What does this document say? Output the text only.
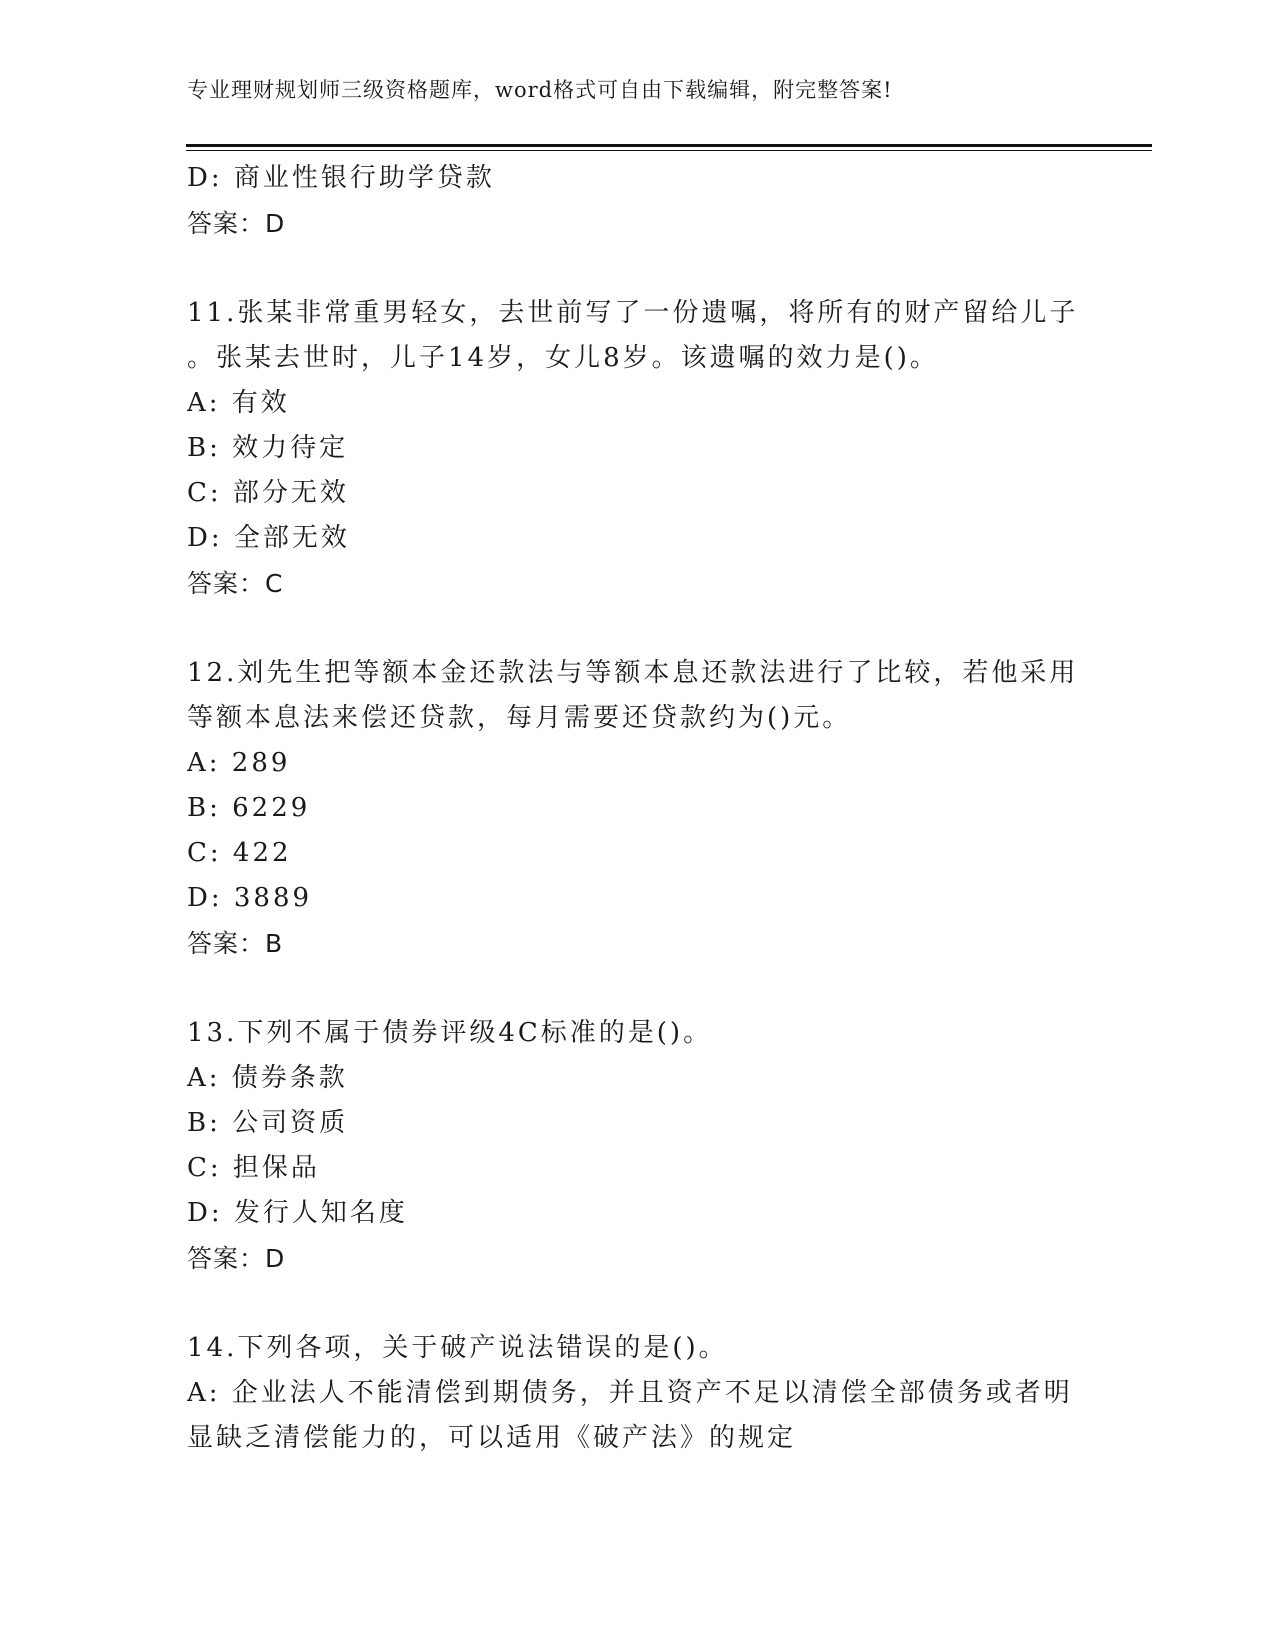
专业理财规划师三级资格题库，word格式可自由下载编辑，附完整答案!
D: 商业性银行助学贷款
答案：D
11.张某非常重男轻女，去世前写了一份遗嘱，将所有的财产留给儿子
。张某去世时，儿子14岁，女儿8岁。该遗嘱的效力是()。
A: 有效
B: 效力待定
C: 部分无效
D: 全部无效
答案：C
12.刘先生把等额本金还款法与等额本息还款法进行了比较，若他采用
等额本息法来偿还贷款，每月需要还贷款约为()元。
A: 289
B: 6229
C: 422
D: 3889
答案：B
13.下列不属于债券评级4C标准的是()。
A: 债券条款
B: 公司资质
C: 担保品
D: 发行人知名度
答案：D
14.下列各项，关于破产说法错误的是()。
A: 企业法人不能清偿到期债务，并且资产不足以清偿全部债务或者明
显缺乏清偿能力的，可以适用《破产法》的规定
